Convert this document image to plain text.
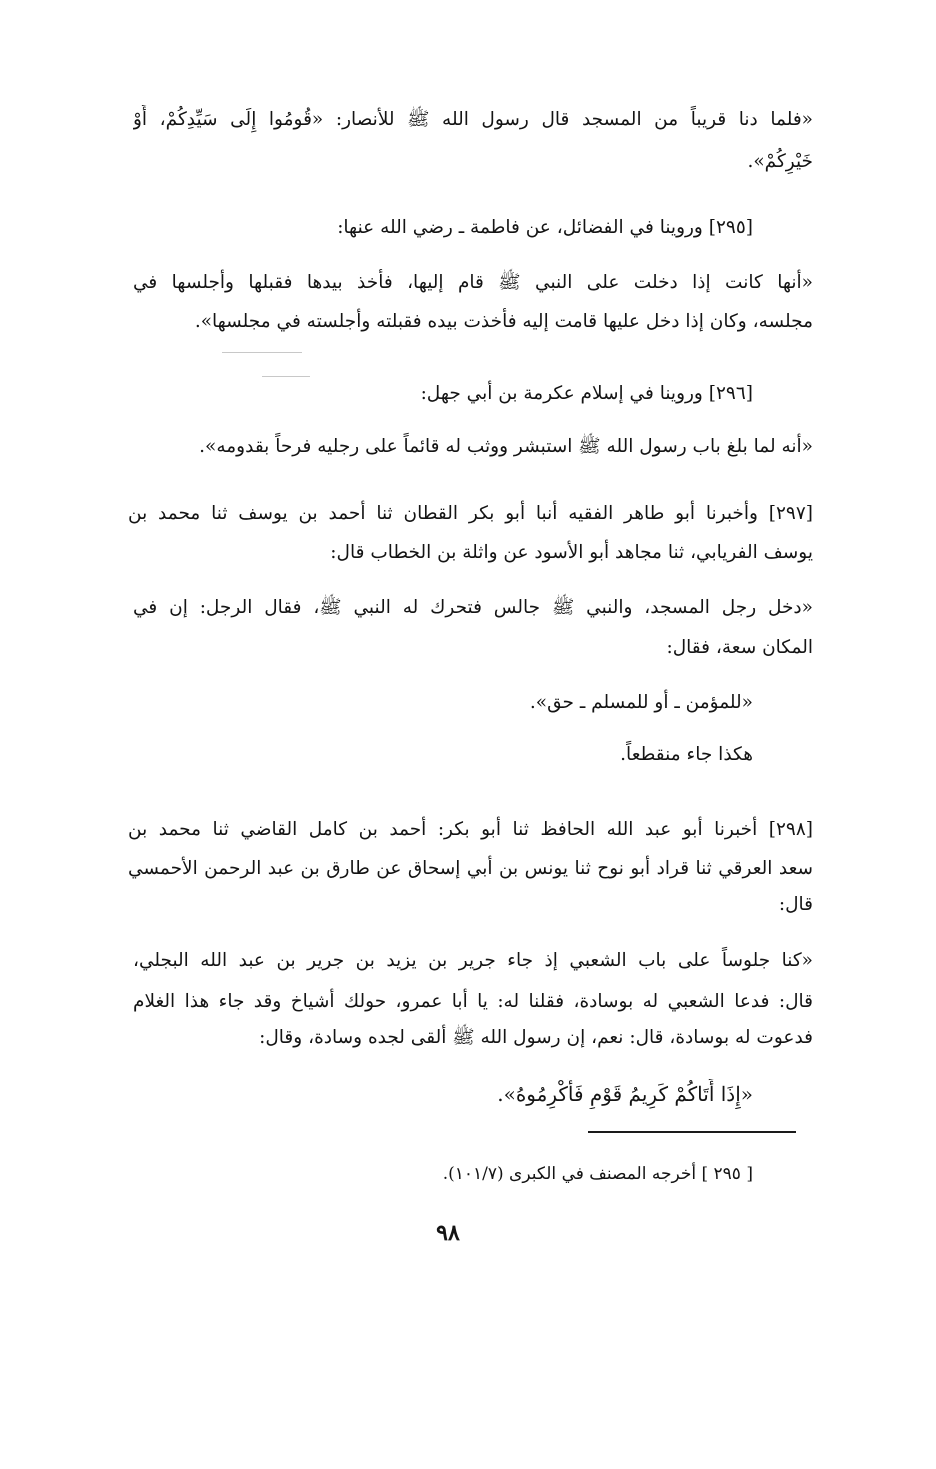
«فلما دنا قريباً من المسجد قال رسول الله ﷺ للأنصار: «قُومُوا إِلَى سَيِّدِكُمْ، أَوْ
خَيْرِكُمْ».
[٢٩٥] وروينا في الفضائل، عن فاطمة ـ رضي الله عنها:
«أنها كانت إذا دخلت على النبي ﷺ قام إليها، فأخذ بيدها فقبلها وأجلسها في
مجلسه، وكان إذا دخل عليها قامت إليه فأخذت بيده فقبلته وأجلسته في مجلسها».
[٢٩٦] وروينا في إسلام عكرمة بن أبي جهل:
«أنه لما بلغ باب رسول الله ﷺ استبشر ووثب له قائماً على رجليه فرحاً بقدومه».
[٢٩٧] وأخبرنا أبو طاهر الفقيه أنبا أبو بكر القطان ثنا أحمد بن يوسف ثنا محمد بن
يوسف الفريابي، ثنا مجاهد أبو الأسود عن واثلة بن الخطاب قال:
«دخل رجل المسجد، والنبي ﷺ جالس فتحرك له النبي ﷺ، فقال الرجل: إن في
المكان سعة، فقال:
«للمؤمن ـ أو للمسلم ـ حق».
هكذا جاء منقطعاً.
[٢٩٨] أخبرنا أبو عبد الله الحافظ ثنا أبو بكر: أحمد بن كامل القاضي ثنا محمد بن
سعد العرقي ثنا قراد أبو نوح ثنا يونس بن أبي إسحاق عن طارق بن عبد الرحمن الأحمسي
قال:
«كنا جلوساً على باب الشعبي إذ جاء جرير بن يزيد بن جرير بن عبد الله البجلي،
قال: فدعا الشعبي له بوسادة، فقلنا له: يا أبا عمرو، حولك أشياخ وقد جاء هذا الغلام
فدعوت له بوسادة، قال: نعم، إن رسول الله ﷺ ألقى لجده وسادة، وقال:
«إِذَا أَتَاكُمْ كَرِيمُ قَوْمٍ فَأَكْرِمُوهُ».
[ ٢٩٥ ] أخرجه المصنف في الكبرى (١٠١/٧).
٩٨
